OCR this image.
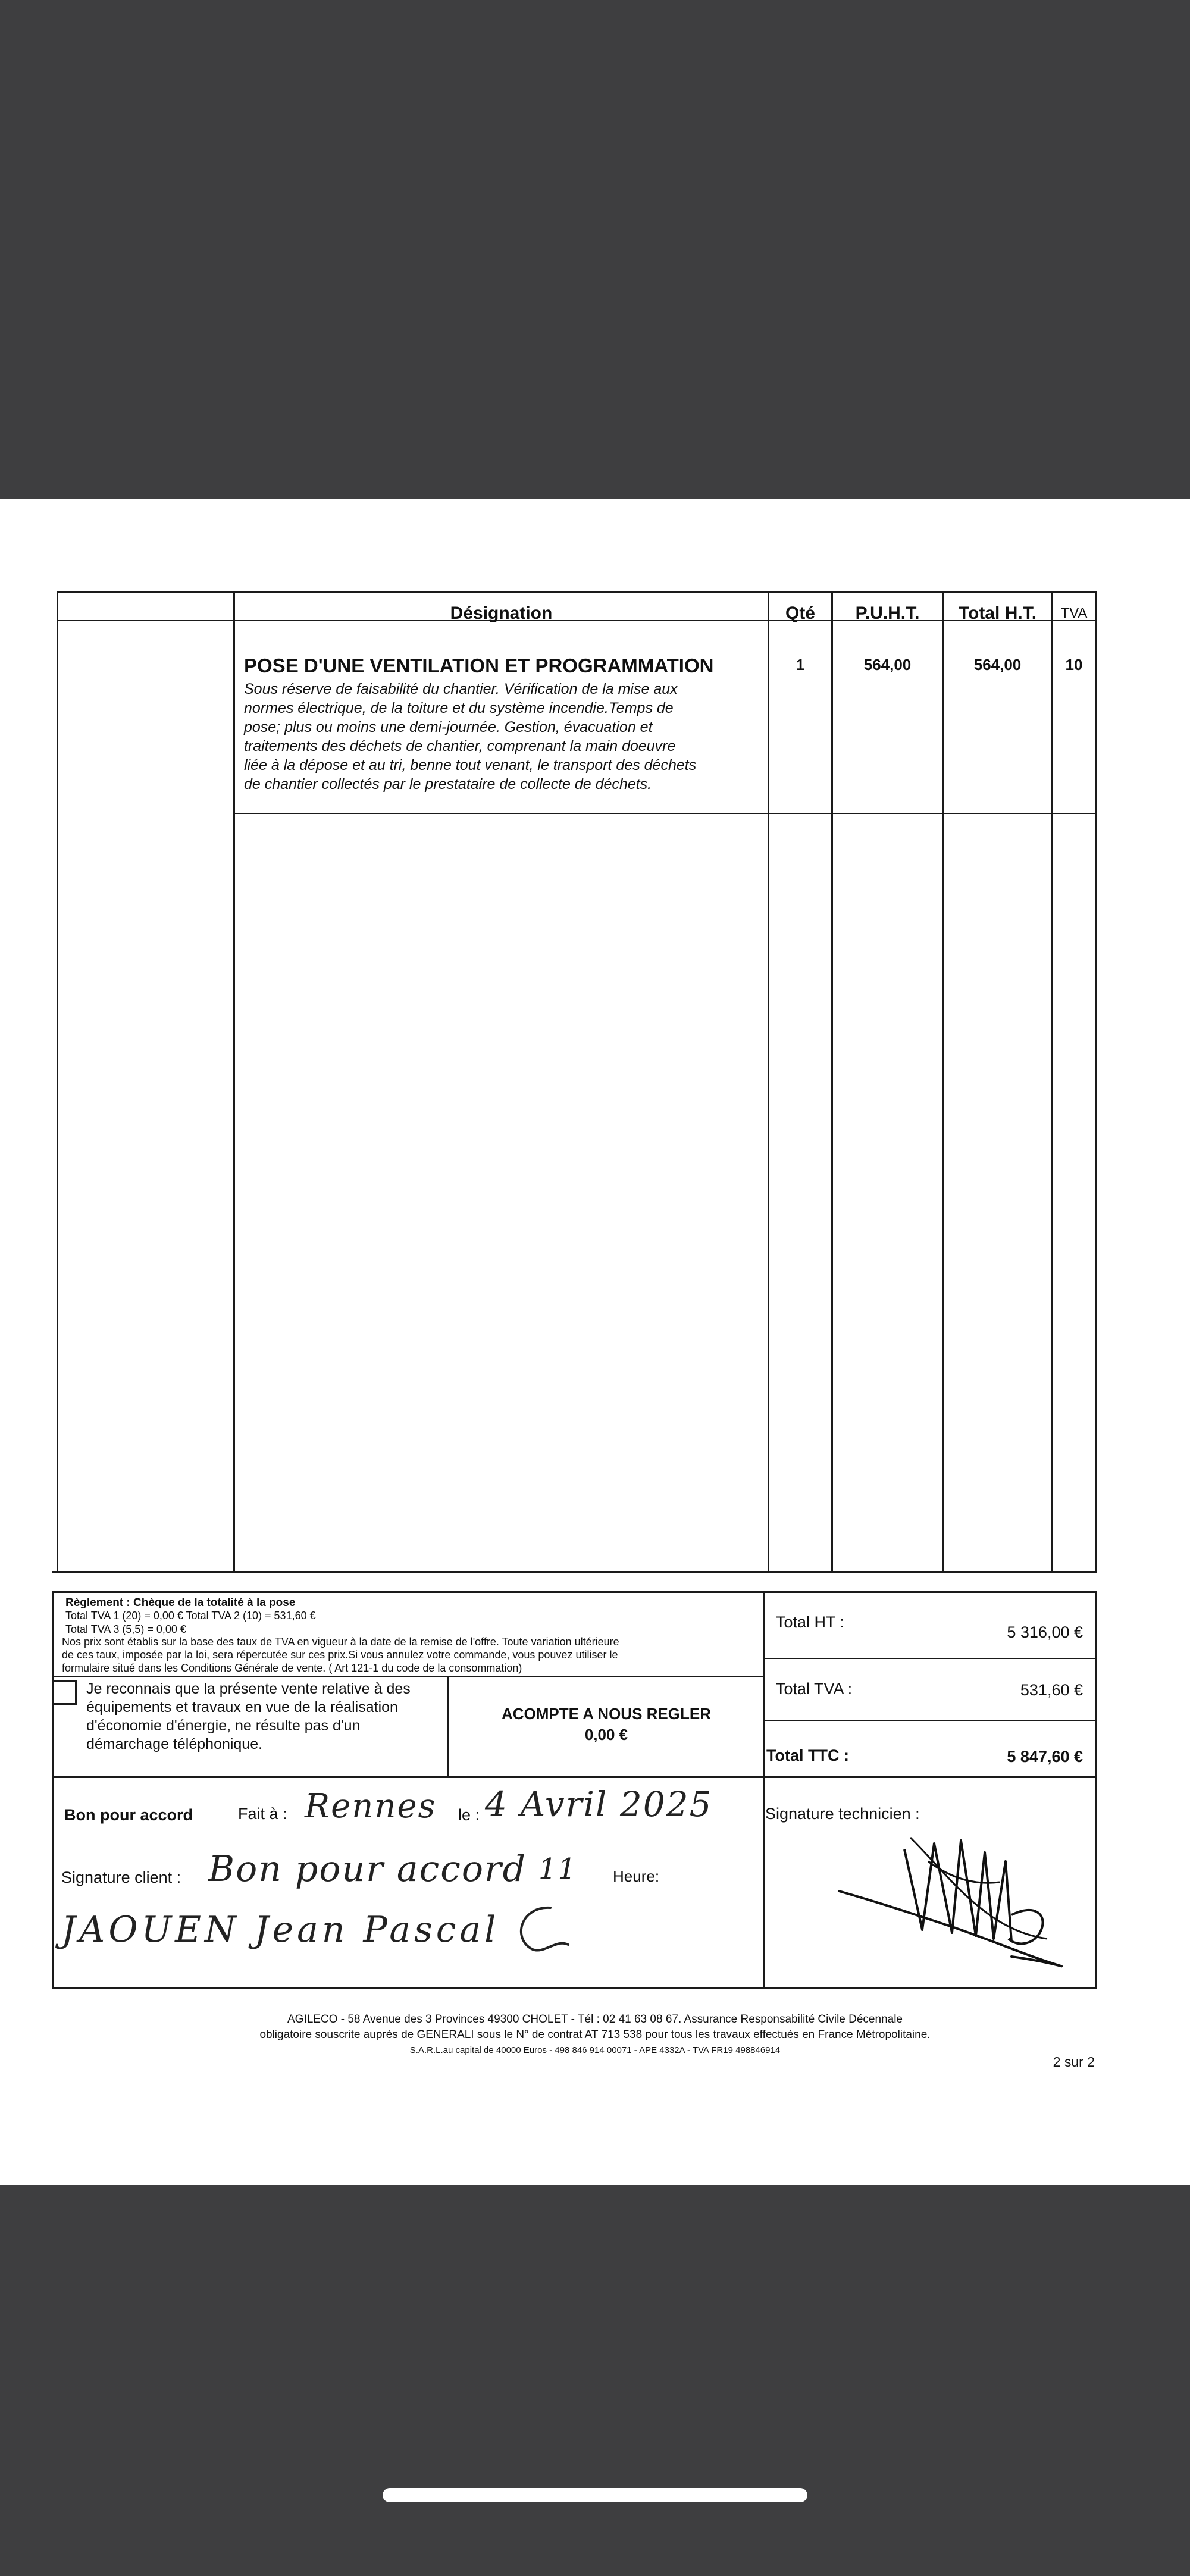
Désignation	Qté	P.U.H.T.	Total H.T.	TVA
POSE D'UNE VENTILATION ET PROGRAMMATION
Sous réserve de faisabilité du chantier. Vérification de la mise aux
normes électrique, de la toiture et du système incendie.Temps de
pose; plus ou moins une demi-journée. Gestion, évacuation et
traitements des déchets de chantier, comprenant la main doeuvre
liée à la dépose et au tri, benne tout venant, le transport des déchets
de chantier collectés par le prestataire de collecte de déchets.
1	564,00	564,00	10
Règlement : Chèque de la totalité à la pose
Total TVA 1 (20) = 0,00 € Total TVA 2 (10) = 531,60 €
Total TVA 3 (5,5) = 0,00 €
Nos prix sont établis sur la base des taux de TVA en vigueur à la date de la remise de l'offre. Toute variation ultérieure
de ces taux, imposée par la loi, sera répercutée sur ces prix.Si vous annulez votre commande, vous pouvez utiliser le
formulaire situé dans les Conditions Générale de vente. ( Art 121-1 du code de la consommation)
Je reconnais que la présente vente relative à des
équipements et travaux en vue de la réalisation
d'économie d'énergie, ne résulte pas d'un
démarchage téléphonique.
ACOMPTE A NOUS REGLER
0,00 €
Total HT :
5 316,00 €
Total TVA :	531,60 €
Total TTC :	5 847,60 €
Bon pour accord	Fait à : Rennes le : 4 Avril 2025	Signature technicien :
Signature client : Bon pour accord 11 Heure:
JAOUEN Jean Pascal
AGILECO - 58 Avenue des 3 Provinces 49300 CHOLET - Tél : 02 41 63 08 67. Assurance Responsabilité Civile Décennale
obligatoire souscrite auprès de GENERALI sous le N° de contrat AT 713 538 pour tous les travaux effectués en France Métropolitaine.
S.A.R.L.au capital de 40000 Euros - 498 846 914 00071 - APE 4332A - TVA FR19 498846914
2 sur 2
